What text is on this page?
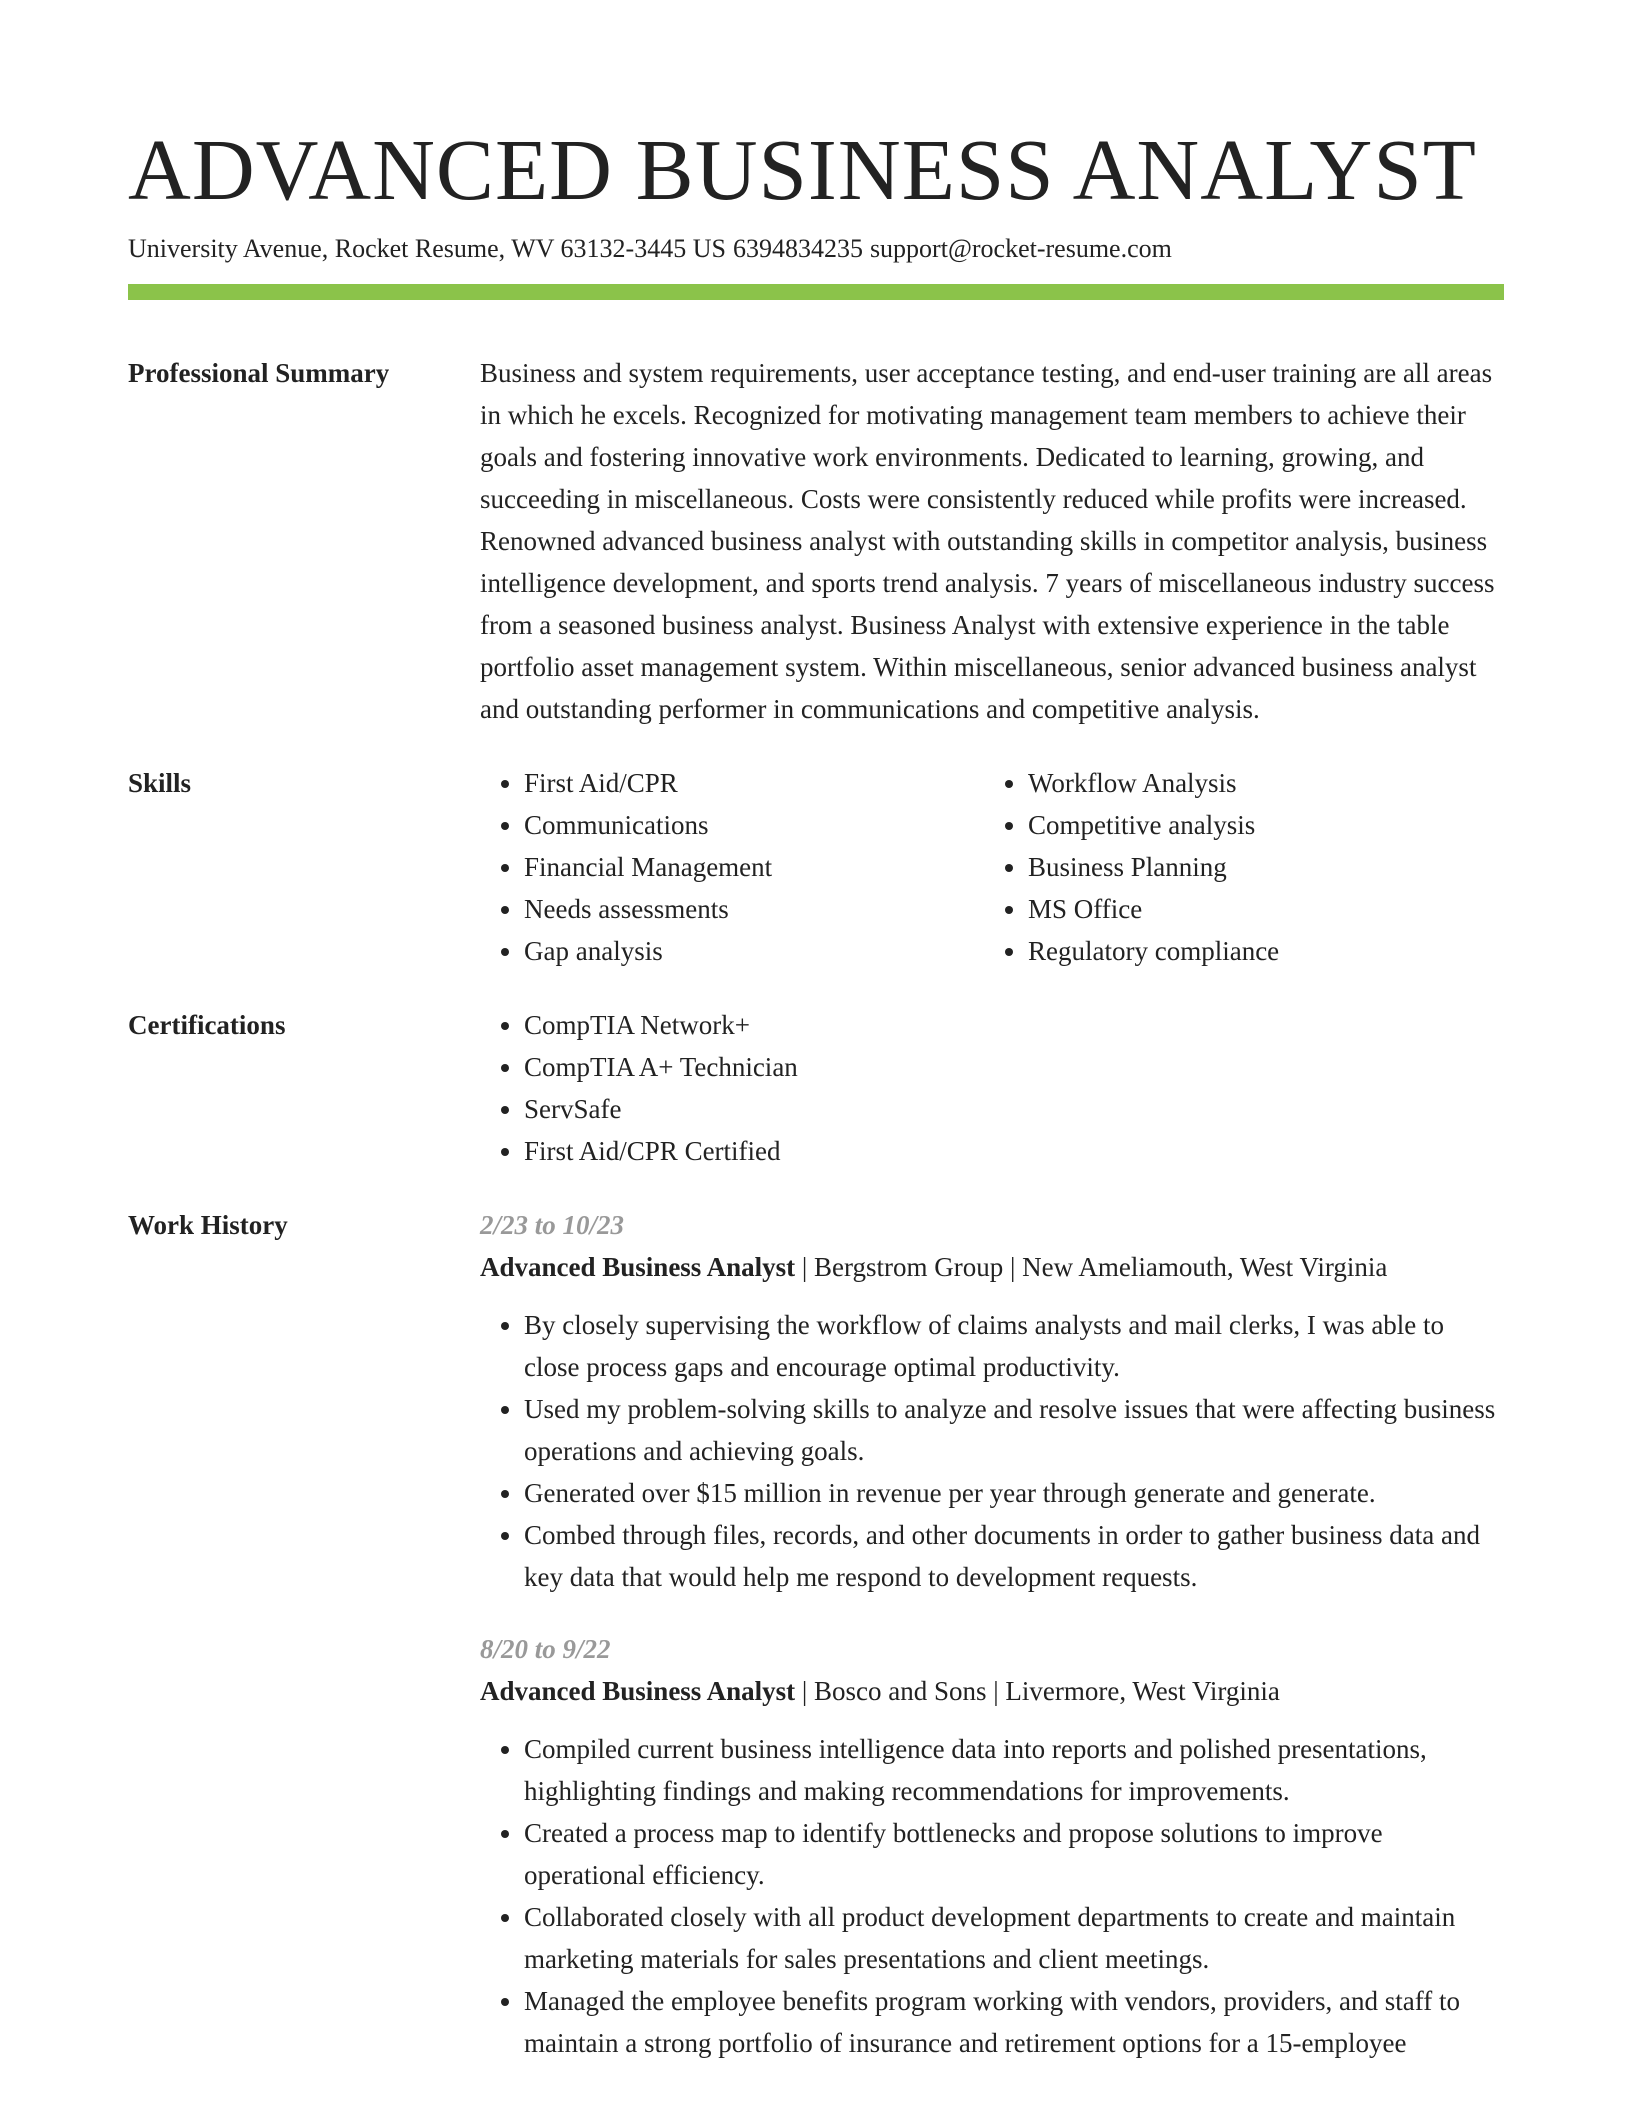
ADVANCED BUSINESS ANALYST
University Avenue, Rocket Resume, WV 63132-3445 US 6394834235 support@rocket-resume.com
Professional Summary	Business and system requirements, user acceptance testing, and end-user training are all areas in which he excels. Recognized for motivating management team members to achieve their goals and fostering innovative work environments. Dedicated to learning, growing, and succeeding in miscellaneous. Costs were consistently reduced while profits were increased. Renowned advanced business analyst with outstanding skills in competitor analysis, business intelligence development, and sports trend analysis. 7 years of miscellaneous industry success from a seasoned business analyst. Business Analyst with extensive experience in the table portfolio asset management system. Within miscellaneous, senior advanced business analyst and outstanding performer in communications and competitive analysis.

Skills	• First Aid/CPR
• Communications
• Financial Management
• Needs assessments
• Gap analysis
• Workflow Analysis
• Competitive analysis
• Business Planning
• MS Office
• Regulatory compliance
Certifications	• CompTIA Network+
• CompTIA A+ Technician
• ServSafe
• First Aid/CPR Certified
Work History	2/23 to 10/23
Advanced Business Analyst | Bergstrom Group | New Ameliamouth, West Virginia
• By closely supervising the workflow of claims analysts and mail clerks, I was able to close process gaps and encourage optimal productivity.
• Used my problem-solving skills to analyze and resolve issues that were affecting business operations and achieving goals.
• Generated over $15 million in revenue per year through generate and generate.
• Combed through files, records, and other documents in order to gather business data and key data that would help me respond to development requests.
8/20 to 9/22
Advanced Business Analyst | Bosco and Sons | Livermore, West Virginia
• Compiled current business intelligence data into reports and polished presentations, highlighting findings and making recommendations for improvements.
• Created a process map to identify bottlenecks and propose solutions to improve operational efficiency.
• Collaborated closely with all product development departments to create and maintain marketing materials for sales presentations and client meetings.
• Managed the employee benefits program working with vendors, providers, and staff to maintain a strong portfolio of insurance and retirement options for a 15-employee
